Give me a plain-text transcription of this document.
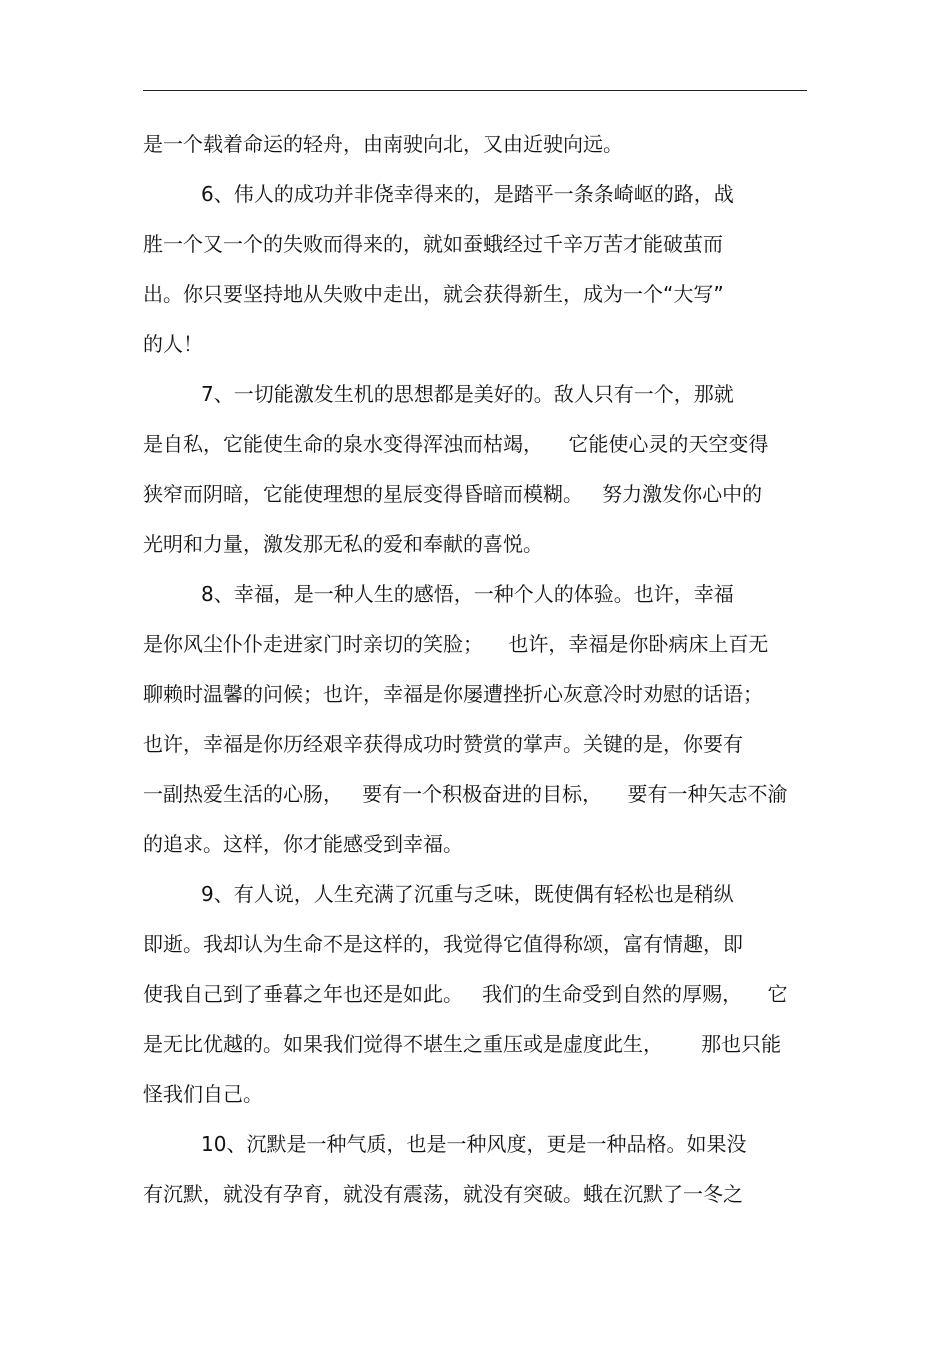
是一个载着命运的轻舟，由南驶向北，又由近驶向远。
6、伟人的成功并非侥幸得来的，是踏平一条条崎岖的路，战
胜一个又一个的失败而得来的，就如蚕蛾经过千辛万苦才能破茧而
出。你只要坚持地从失败中走出，就会获得新生，成为一个“大写”
的人！
7、一切能激发生机的思想都是美好的。敌人只有一个，那就
是自私，它能使生命的泉水变得浑浊而枯竭，    它能使心灵的天空变得
狭窄而阴暗，它能使理想的星辰变得昏暗而模糊。   努力激发你心中的
光明和力量，激发那无私的爱和奉献的喜悦。
8、幸福，是一种人生的感悟，一种个人的体验。也许，幸福
是你风尘仆仆走进家门时亲切的笑脸；    也许，幸福是你卧病床上百无
聊赖时温馨的问候；也许，幸福是你屡遭挫折心灰意冷时劝慰的话语；
也许，幸福是你历经艰辛获得成功时赞赏的掌声。关键的是，你要有
一副热爱生活的心肠，   要有一个积极奋进的目标，    要有一种矢志不渝
的追求。这样，你才能感受到幸福。
9、有人说，人生充满了沉重与乏味，既使偶有轻松也是稍纵
即逝。我却认为生命不是这样的，我觉得它值得称颂，富有情趣，即
使我自己到了垂暮之年也还是如此。   我们的生命受到自然的厚赐，    它
是无比优越的。如果我们觉得不堪生之重压或是虚度此生，      那也只能
怪我们自己。
10、沉默是一种气质，也是一种风度，更是一种品格。如果没
有沉默，就没有孕育，就没有震荡，就没有突破。蛾在沉默了一冬之
